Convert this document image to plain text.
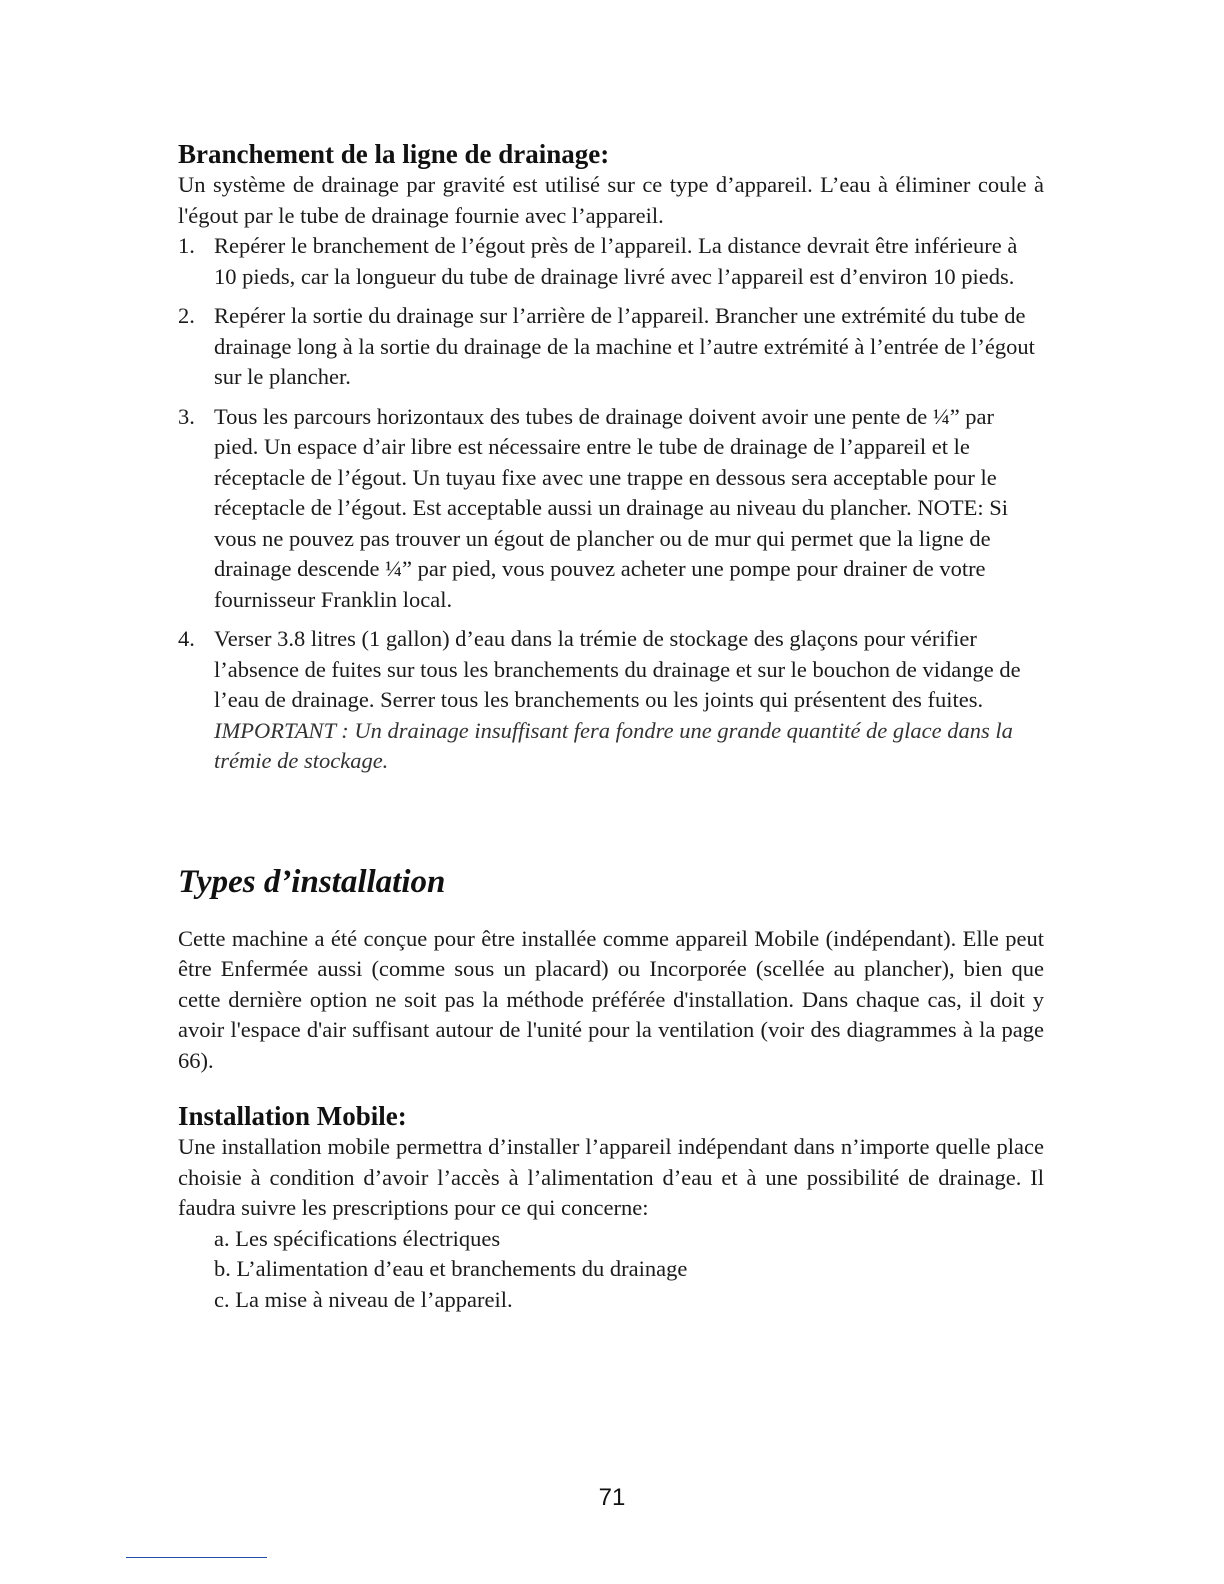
Branchement de la ligne de drainage:

Un système de drainage par gravité est utilisé sur ce type d’appareil. L’eau à éliminer coule à l'égout par le tube de drainage fournie avec l’appareil.

1. Repérer le branchement de l’égout près de l’appareil. La distance devrait être inférieure à 10 pieds, car la longueur du tube de drainage livré avec l’appareil est d’environ 10 pieds.
2. Repérer la sortie du drainage sur l’arrière de l’appareil. Brancher une extrémité du tube de drainage long à la sortie du drainage de la machine et l’autre extrémité à l’entrée de l’égout sur le plancher.
3. Tous les parcours horizontaux des tubes de drainage doivent avoir une pente de ¼” par pied. Un espace d’air libre est nécessaire entre le tube de drainage de l’appareil et le réceptacle de l’égout. Un tuyau fixe avec une trappe en dessous sera acceptable pour le réceptacle de l’égout. Est acceptable aussi un drainage au niveau du plancher. NOTE: Si vous ne pouvez pas trouver un égout de plancher ou de mur qui permet que la ligne de drainage descende ¼” par pied, vous pouvez acheter une pompe pour drainer de votre fournisseur Franklin local.
4. Verser 3.8 litres (1 gallon) d’eau dans la trémie de stockage des glaçons pour vérifier l’absence de fuites sur tous les branchements du drainage et sur le bouchon de vidange de l’eau de drainage. Serrer tous les branchements ou les joints qui présentent des fuites.
IMPORTANT : Un drainage insuffisant fera fondre une grande quantité de glace dans la trémie de stockage.
Types d’installation

Cette machine a été conçue pour être installée comme appareil Mobile (indépendant). Elle peut être Enfermée aussi (comme sous un placard) ou Incorporée (scellée au plancher), bien que cette dernière option ne soit pas la méthode préférée d'installation. Dans chaque cas, il doit y avoir l'espace d'air suffisant autour de l'unité pour la ventilation (voir des diagrammes à la page 66).

Installation Mobile:

Une installation mobile permettra d’installer l’appareil indépendant dans n’importe quelle place choisie à condition d’avoir l’accès à l’alimentation d’eau et à une possibilité de drainage. Il faudra suivre les prescriptions pour ce qui concerne:

a. Les spécifications électriques
b. L’alimentation d’eau et branchements du drainage
c. La mise à niveau de l’appareil.
71
